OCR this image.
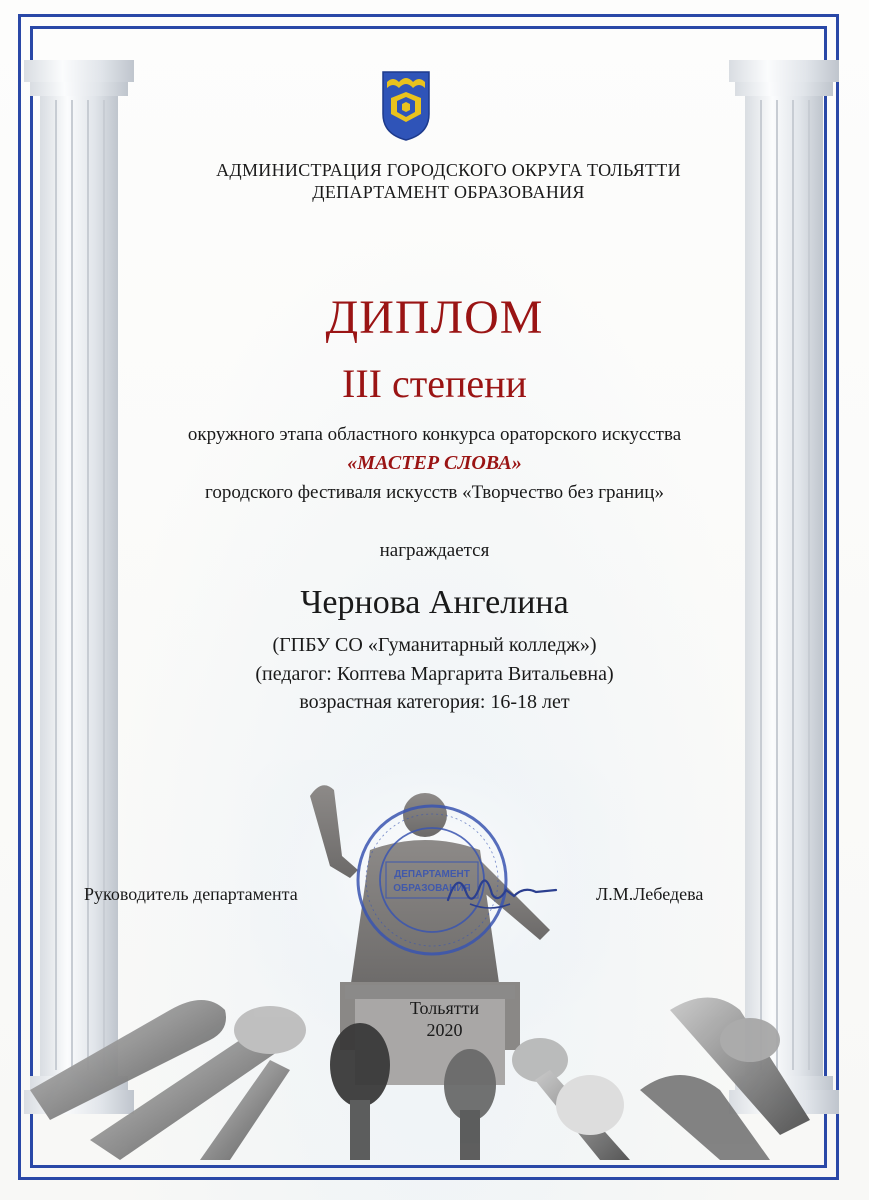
АДМИНИСТРАЦИЯ ГОРОДСКОГО ОКРУГА ТОЛЬЯТТИ
ДЕПАРТАМЕНТ ОБРАЗОВАНИЯ
ДИПЛОМ
III степени
окружного этапа областного конкурса ораторского искусства
«МАСТЕР СЛОВА»
городского фестиваля искусств «Творчество без границ»
награждается
Чернова Ангелина
(ГПБУ СО «Гуманитарный колледж»)
(педагог: Коптева Маргарита Витальевна)
возрастная категория: 16-18 лет
Руководитель департамента	Л.М.Лебедева
ДЕПАРТАМЕНТ
ОБРАЗОВАНИЯ
Тольятти
2020
